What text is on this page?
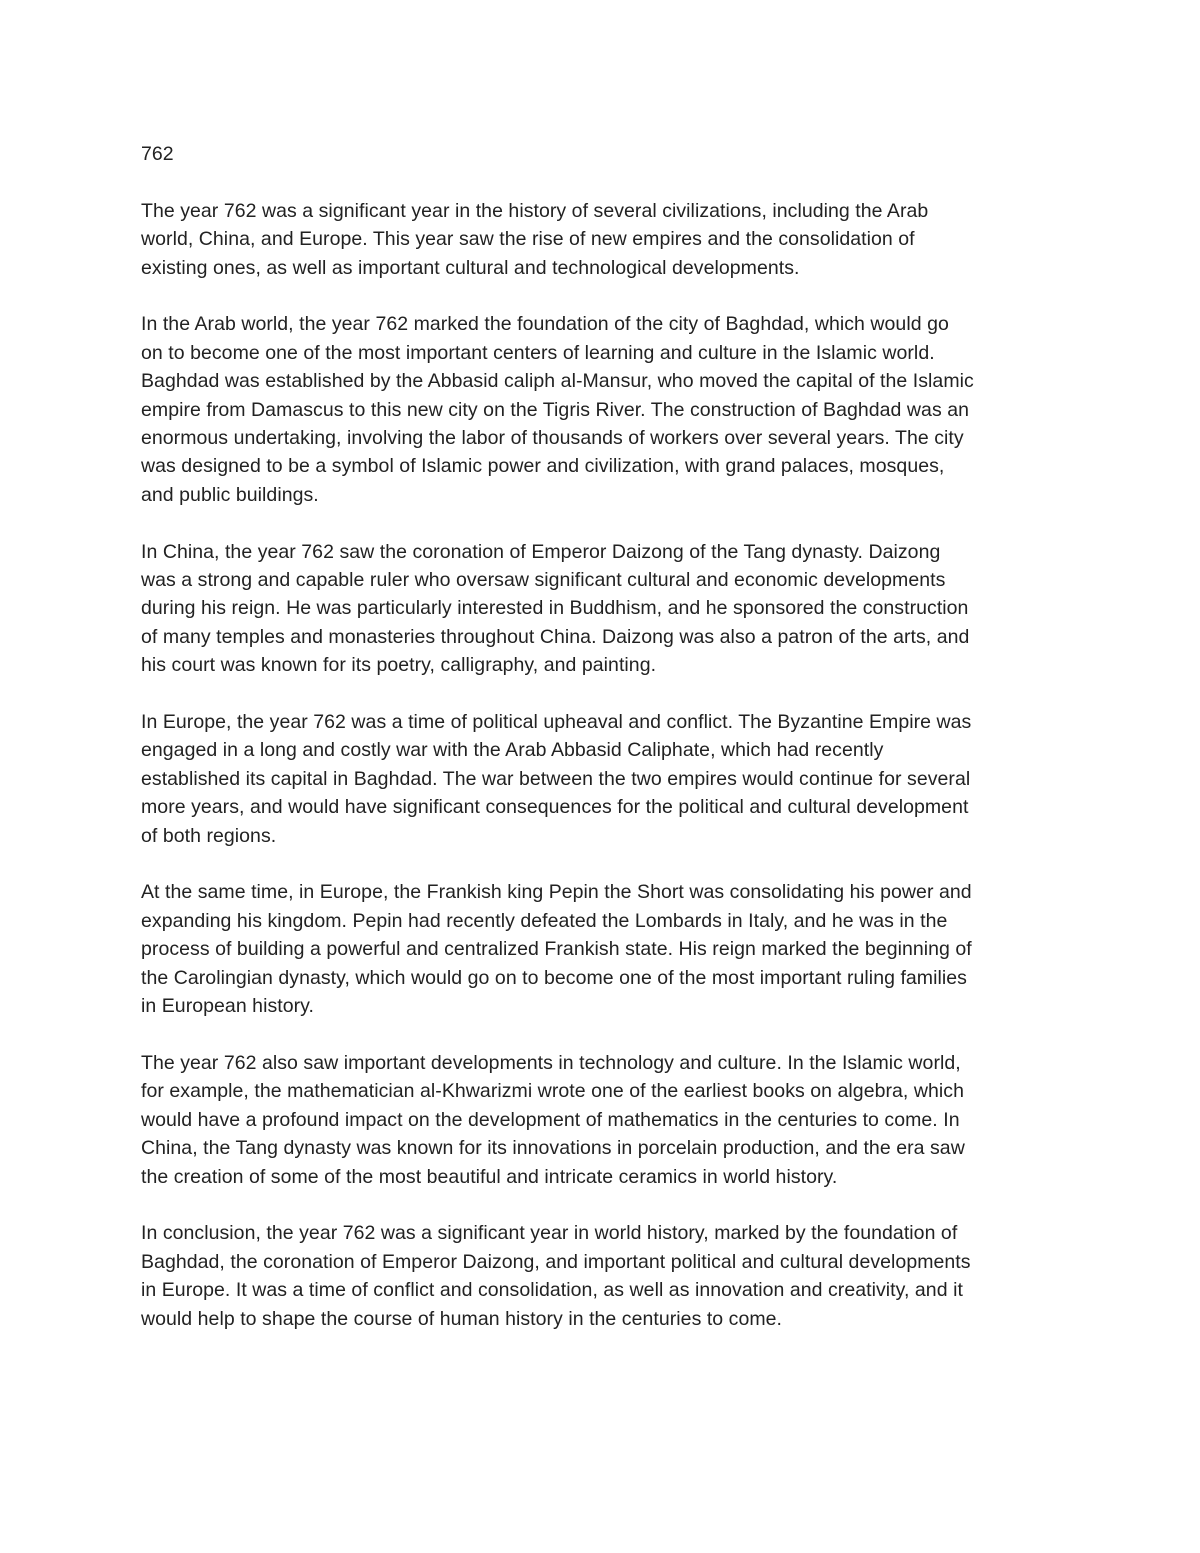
762

The year 762 was a significant year in the history of several civilizations, including the Arab
world, China, and Europe. This year saw the rise of new empires and the consolidation of
existing ones, as well as important cultural and technological developments.

In the Arab world, the year 762 marked the foundation of the city of Baghdad, which would go
on to become one of the most important centers of learning and culture in the Islamic world.
Baghdad was established by the Abbasid caliph al-Mansur, who moved the capital of the Islamic
empire from Damascus to this new city on the Tigris River. The construction of Baghdad was an
enormous undertaking, involving the labor of thousands of workers over several years. The city
was designed to be a symbol of Islamic power and civilization, with grand palaces, mosques,
and public buildings.

In China, the year 762 saw the coronation of Emperor Daizong of the Tang dynasty. Daizong
was a strong and capable ruler who oversaw significant cultural and economic developments
during his reign. He was particularly interested in Buddhism, and he sponsored the construction
of many temples and monasteries throughout China. Daizong was also a patron of the arts, and
his court was known for its poetry, calligraphy, and painting.

In Europe, the year 762 was a time of political upheaval and conflict. The Byzantine Empire was
engaged in a long and costly war with the Arab Abbasid Caliphate, which had recently
established its capital in Baghdad. The war between the two empires would continue for several
more years, and would have significant consequences for the political and cultural development
of both regions.

At the same time, in Europe, the Frankish king Pepin the Short was consolidating his power and
expanding his kingdom. Pepin had recently defeated the Lombards in Italy, and he was in the
process of building a powerful and centralized Frankish state. His reign marked the beginning of
the Carolingian dynasty, which would go on to become one of the most important ruling families
in European history.

The year 762 also saw important developments in technology and culture. In the Islamic world,
for example, the mathematician al-Khwarizmi wrote one of the earliest books on algebra, which
would have a profound impact on the development of mathematics in the centuries to come. In
China, the Tang dynasty was known for its innovations in porcelain production, and the era saw
the creation of some of the most beautiful and intricate ceramics in world history.

In conclusion, the year 762 was a significant year in world history, marked by the foundation of
Baghdad, the coronation of Emperor Daizong, and important political and cultural developments
in Europe. It was a time of conflict and consolidation, as well as innovation and creativity, and it
would help to shape the course of human history in the centuries to come.
